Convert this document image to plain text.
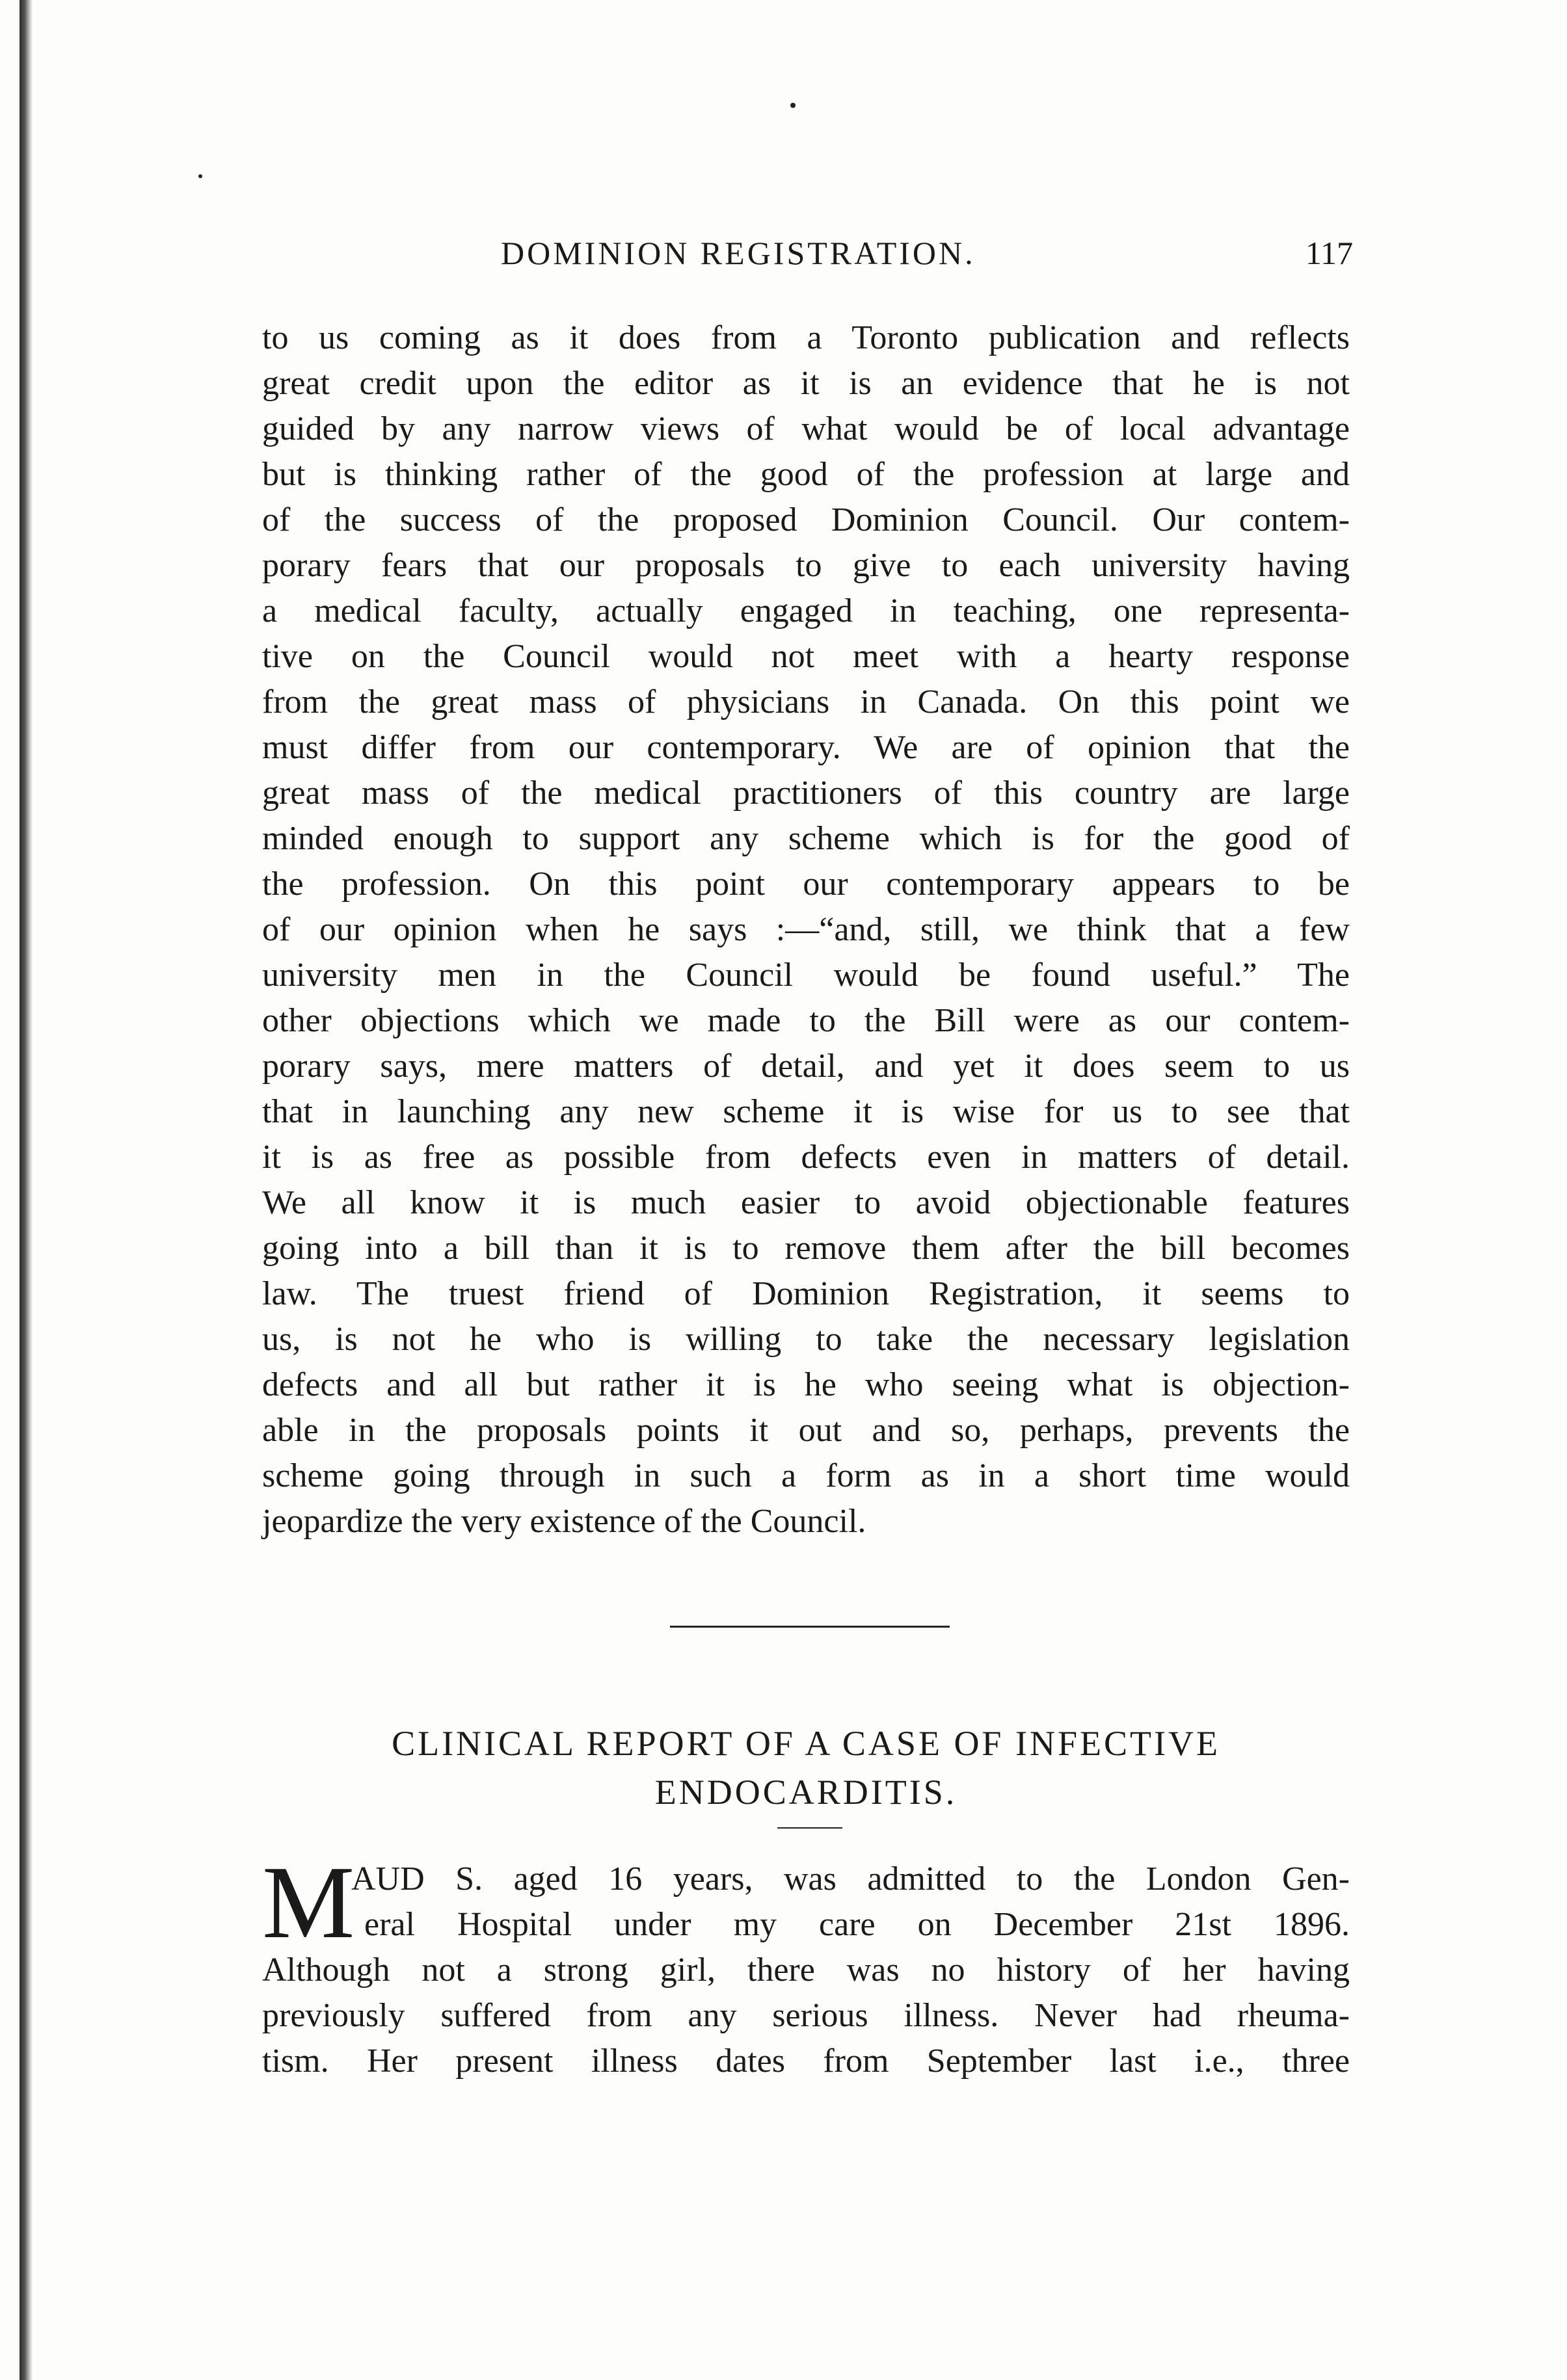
DOMINION REGISTRATION.	117
to us coming as it does from a Toronto publication and reflects
great credit upon the editor as it is an evidence that he is not
guided by any narrow views of what would be of local advantage
but is thinking rather of the good of the profession at large and
of the success of the proposed Dominion Council. Our contem-
porary fears that our proposals to give to each university having
a medical faculty, actually engaged in teaching, one representa-
tive on the Council would not meet with a hearty response
from the great mass of physicians in Canada. On this point we
must differ from our contemporary. We are of opinion that the
great mass of the medical practitioners of this country are large
minded enough to support any scheme which is for the good of
the profession. On this point our contemporary appears to be
of our opinion when he says :—“and, still, we think that a few
university men in the Council would be found useful.” The
other objections which we made to the Bill were as our contem-
porary says, mere matters of detail, and yet it does seem to us
that in launching any new scheme it is wise for us to see that
it is as free as possible from defects even in matters of detail.
We all know it is much easier to avoid objectionable features
going into a bill than it is to remove them after the bill becomes
law. The truest friend of Dominion Registration, it seems to
us, is not he who is willing to take the necessary legislation
defects and all but rather it is he who seeing what is objection-
able in the proposals points it out and so, perhaps, prevents the
scheme going through in such a form as in a short time would
jeopardize the very existence of the Council.
CLINICAL REPORT OF A CASE OF INFECTIVE
ENDOCARDITIS.
M
AUD S. aged 16 years, was admitted to the London Gen-
eral Hospital under my care on December 21st 1896.
Although not a strong girl, there was no history of her having
previously suffered from any serious illness. Never had rheuma-
tism. Her present illness dates from September last i.e., three
